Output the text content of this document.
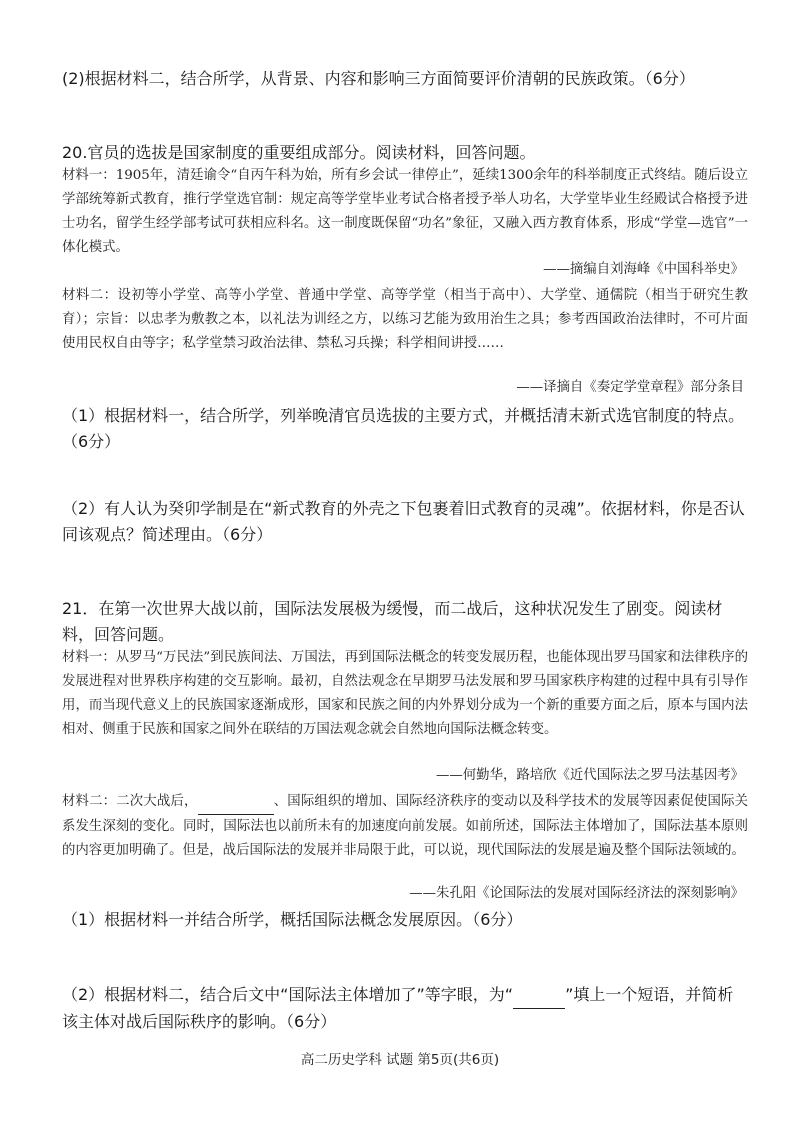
(2)根据材料二，结合所学，从背景、内容和影响三方面简要评价清朝的民族政策。（6分）
20.官员的选拔是国家制度的重要组成部分。阅读材料，回答问题。
材料一：1905年，清廷谕令“自丙午科为始，所有乡会试一律停止”，延续1300余年的科举制度正式终结。随后设立学部统筹新式教育，推行学堂选官制：规定高等学堂毕业考试合格者授予举人功名，大学堂毕业生经殿试合格授予进士功名，留学生经学部考试可获相应科名。这一制度既保留“功名”象征，又融入西方教育体系，形成“学堂—选官”一体化模式。
——摘编自刘海峰《中国科举史》
材料二：设初等小学堂、高等小学堂、普通中学堂、高等学堂（相当于高中）、大学堂、通儒院（相当于研究生教育）；宗旨：以忠孝为敷教之本，以礼法为训经之方，以练习艺能为致用治生之具；参考西国政治法律时，不可片面使用民权自由等字；私学堂禁习政治法律、禁私习兵操；科学相间讲授……
——译摘自《奏定学堂章程》部分条目
（1）根据材料一，结合所学，列举晚清官员选拔的主要方式，并概括清末新式选官制度的特点。
（6分）
（2）有人认为癸卯学制是在“新式教育的外壳之下包裹着旧式教育的灵魂”。依据材料，你是否认同该观点？简述理由。（6分）
21．在第一次世界大战以前，国际法发展极为缓慢，而二战后，这种状况发生了剧变。阅读材料，回答问题。
材料一：从罗马“万民法”到民族间法、万国法，再到国际法概念的转变发展历程，也能体现出罗马国家和法律秩序的发展进程对世界秩序构建的交互影响。最初，自然法观念在早期罗马法发展和罗马国家秩序构建的过程中具有引导作用，而当现代意义上的民族国家逐渐成形，国家和民族之间的内外界划分成为一个新的重要方面之后，原本与国内法相对、侧重于民族和国家之间外在联结的万国法观念就会自然地向国际法概念转变。
——何勤华，路培欣《近代国际法之罗马法基因考》
材料二：二次大战后，	、国际组织的增加、国际经济秩序的变动以及科学技术的发展等因素促使国际关系发生深刻的变化。同时，国际法也以前所未有的加速度向前发展。如前所述，国际法主体增加了，国际法基本原则的内容更加明确了。但是，战后国际法的发展并非局限于此，可以说，现代国际法的发展是遍及整个国际法领域的。
——朱孔阳《论国际法的发展对国际经济法的深刻影响》
（1）根据材料一并结合所学，概括国际法概念发展原因。（6分）
（2）根据材料二，结合后文中“国际法主体增加了”等字眼，为“	”填上一个短语，并简析该主体对战后国际秩序的影响。（6分）
高二历史学科 试题 第5页(共6页)
